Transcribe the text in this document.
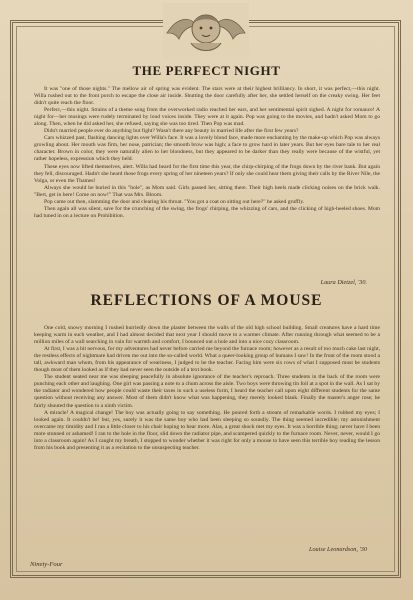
THE PERFECT NIGHT

It was "one of those nights." The mellow air of spring was evident. The stars were at their highest brilliancy. In short, it was perfect,—this night. Willa rushed out to the front porch to escape the close air inside. Shutting the door carefully after her, she settled herself on the creaky swing. Her feet didn't quite reach the floor.

Perfect,—this night. Strains of a theme song from the overworked radio reached her ears, and her sentimental spirit sighed. A night for romance! A night for—her musings were rudely terminated by loud voices inside. They were at it again. Pop was going to the movies, and hadn't asked Mom to go along. Then, when he did asked her, she refused, saying she was too tired. Then Pop was mad.

Didn't married people ever do anything but fight? Wasn't there any beauty in married life after the first few years?

Cars whizzed past, flashing dancing lights over Willa's face. It was a lovely blond face, made more enchanting by the make-up which Pop was always growling about. Her mouth was firm, her nose, patrician; the smooth brow was high; a face to grow hard in later years. But her eyes bare tale to her real character. Brown in color, they were naturally alien to her blondness, but they appeared to be darker than they really were because of the wistful, yet rather hopeless, expression which they held.

These eyes now lifted themselves, alert. Willa had heard for the first time this year, the chirp-chirping of the frogs down by the river bank. But again they fell, discouraged. Hadn't she heard those frogs every spring of her nineteen years? If only she could hear them giving their calls by the River Nile, the Volga, or even the Thames!

Always she would be buried in this "hole", as Mom said. Girls passed her, sitting there. Their high heels made clicking noises on the brick walk. "Bert, get in here! Come on now!" That was Mrs. Bloom.

Pop came out then, slamming the door and clearing his throat. "You got a coat on sitting out here?" he asked gruffly.

Then again all was silent, save for the crunching of the swing, the frogs' chirping, the whizzing of cars, and the clicking of high-heeled shoes. Mom had tuned in on a lecture on Prohibition.

Laura Dietzel, '30.
REFLECTIONS OF A MOUSE

One cold, snowy morning I rushed hurriedly down the plaster between the walls of the old high school building. Small creatures have a hard time keeping warm in such weather, and I had almost decided that next year I should move to a warmer climate. After running through what seemed to be a million miles of a wall searching in vain for warmth and comfort, I bounced out a hole and into a nice cozy classroom.

At first, I was a bit nervous, for my adventures had never before carried me beyond the furnace room; however as a result of too much cake last night, the restless effects of nightmare had driven me out into the so-called world. What a queer-looking group of humans I saw! In the front of the room stood a tall, awkward man whom, from his appearance of weariness, I judged to be the teacher. Facing him were six rows of what I supposed must be students though most of them looked as if they had never seen the outside of a text book.

The student seated near me was sleeping peacefully in absolute ignorance of the teacher's reproach. Three students in the back of the room were punching each other and laughing. One girl was passing a note to a chum across the aisle. Two boys were throwing tin foil at a spot in the wall. As I sat by the radiator and wondered how people could waste their taxes in such a useless form, I heard the teacher call upon eight different students for the same question without receiving any answer. Most of them didn't know what was happening, they merely looked blank. Finally the master's anger rose; he fairly shouted the question to a ninth victim.

A miracle! A magical change! The boy was actually going to say something. He poured forth a stream of remarkable words. I rubbed my eyes; I looked again. It couldn't be! but, yes, surely it was the same boy who had been sleeping so soundly. The thing seemed incredible; my astonishment overcame my timidity and I ran a little closer to his chair hoping to hear more. Alas, a great shock met my eyes. It was a horrible thing; never have I been more stunned or ashamed! I ran to the hole in the floor, slid down the radiator pipe, and scampered quickly to the furnace room. Never, never, would I go into a classroom again! As I caught my breath, I stopped to wonder whether it was right for only a mouse to have seen this terrible boy reading the lesson from his book and presenting it as a recitation to the unsuspecting teacher.

Louise Leonardson, '30
Ninety-Four
